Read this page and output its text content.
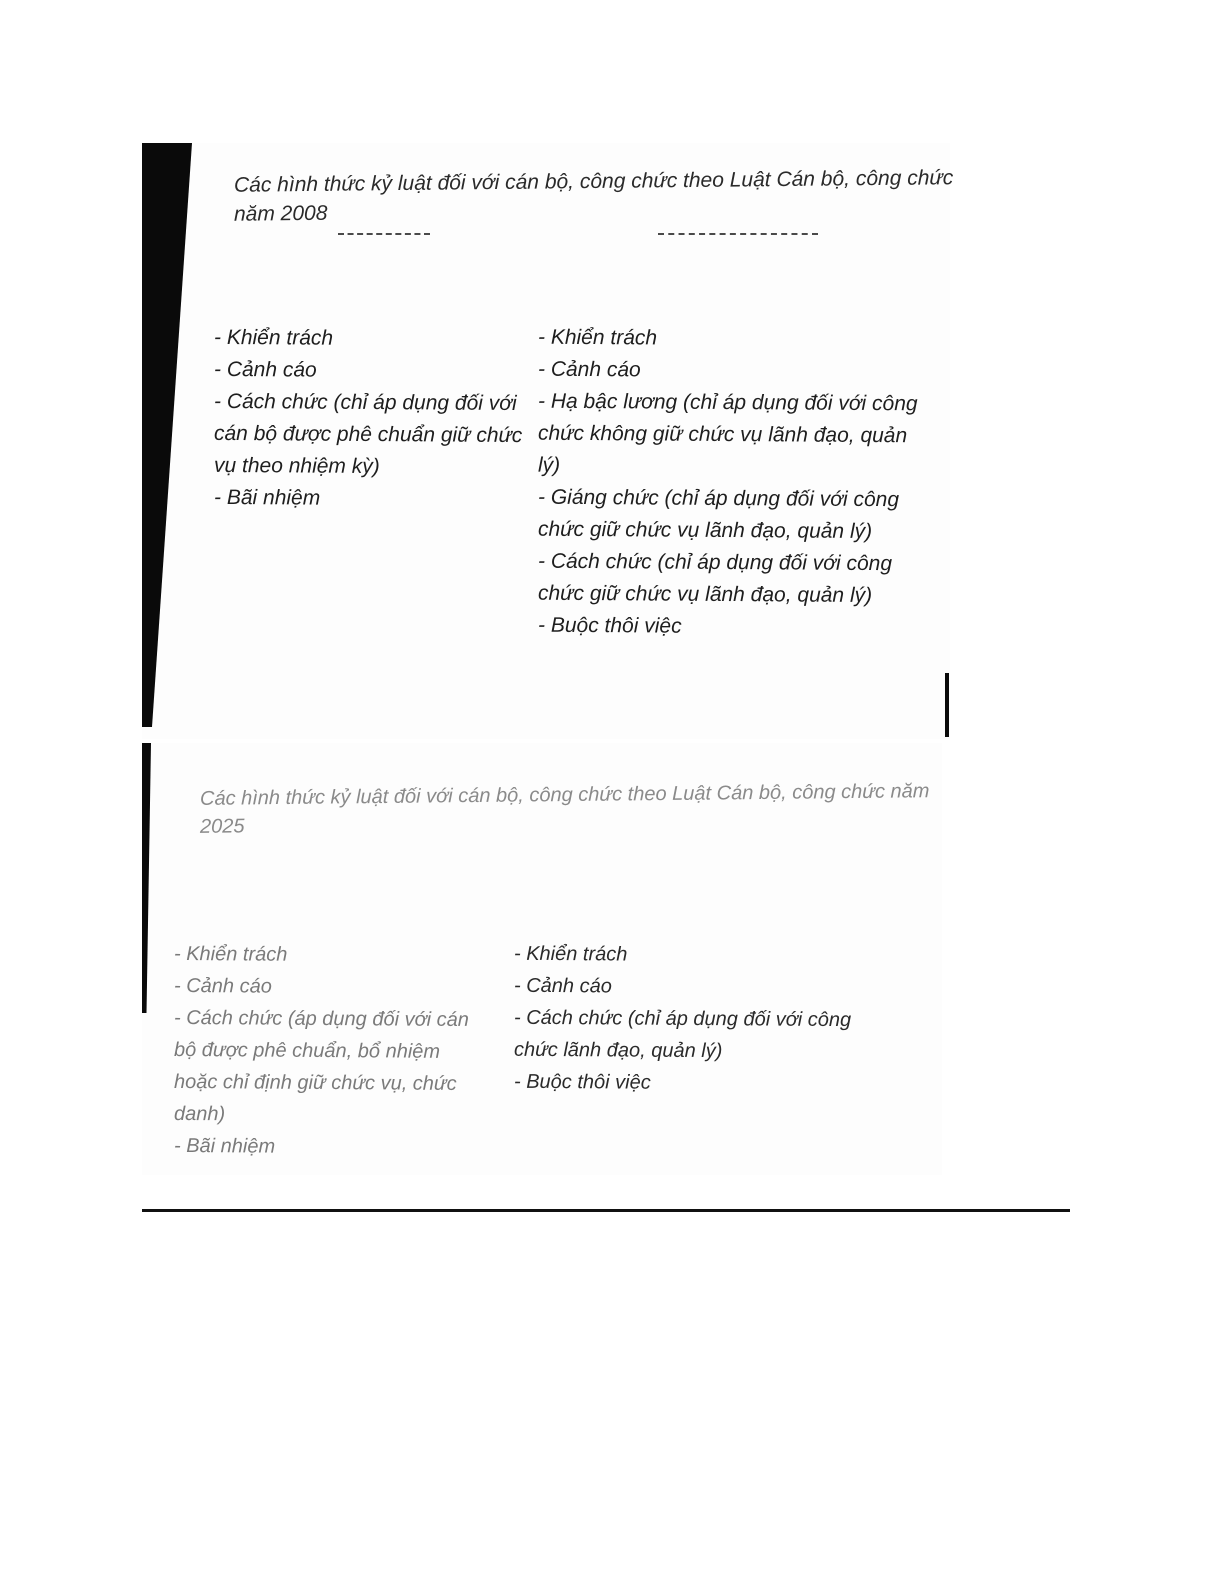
Các hình thức kỷ luật đối với cán bộ, công chức theo Luật Cán bộ, công chức năm 2008
- Khiển trách
- Cảnh cáo
- Cách chức (chỉ áp dụng đối với cán bộ được phê chuẩn giữ chức vụ theo nhiệm kỳ)
- Bãi nhiệm
- Khiển trách
- Cảnh cáo
- Hạ bậc lương (chỉ áp dụng đối với công chức không giữ chức vụ lãnh đạo, quản lý)
- Giáng chức (chỉ áp dụng đối với công chức giữ chức vụ lãnh đạo, quản lý)
- Cách chức (chỉ áp dụng đối với công chức giữ chức vụ lãnh đạo, quản lý)
- Buộc thôi việc
Các hình thức kỷ luật đối với cán bộ, công chức theo Luật Cán bộ, công chức năm 2025
- Khiển trách
- Cảnh cáo
- Cách chức (áp dụng đối với cán bộ được phê chuẩn, bổ nhiệm hoặc chỉ định giữ chức vụ, chức danh)
- Bãi nhiệm
- Khiển trách
- Cảnh cáo
- Cách chức (chỉ áp dụng đối với công chức lãnh đạo, quản lý)
- Buộc thôi việc
